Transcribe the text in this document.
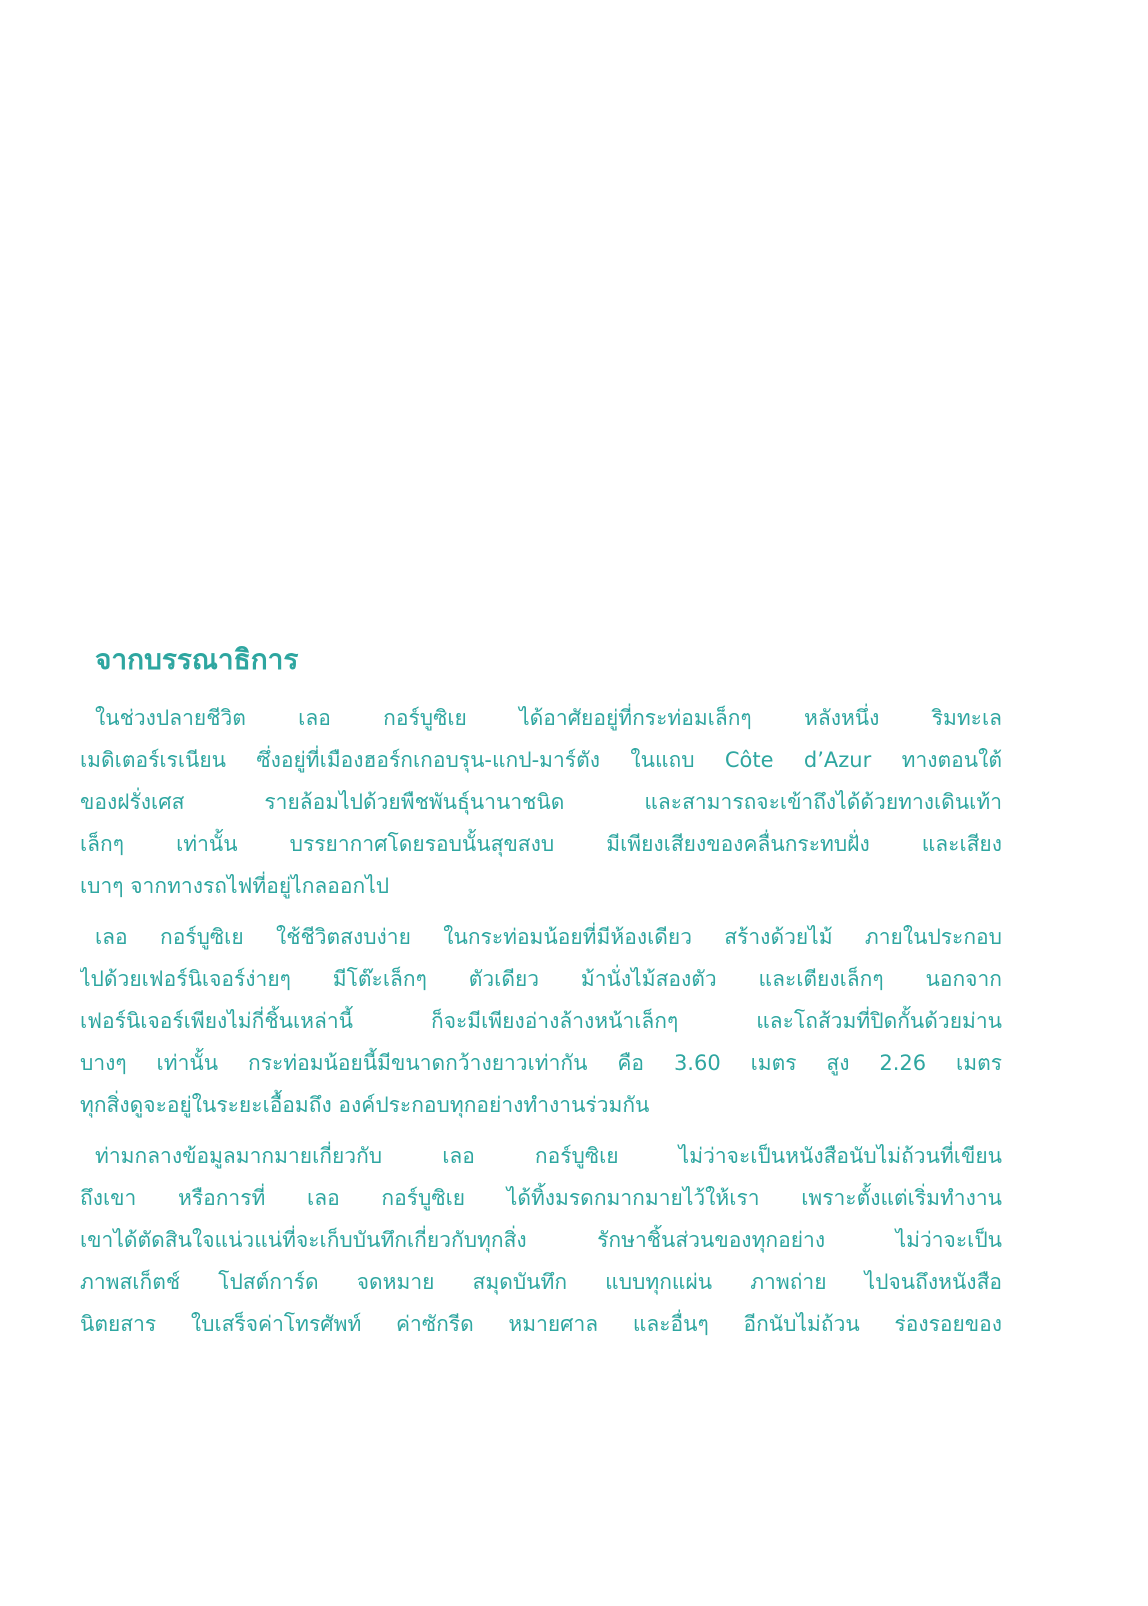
จากบรรณาธิการ

ในช่วงปลายชีวิต เลอ กอร์บูซิเย ได้อาศัยอยู่ที่กระท่อมเล็กๆ หลังหนึ่ง ริมทะเล
เมดิเตอร์เรเนียน ซึ่งอยู่ที่เมืองฮอร์กเกอบรุน-แกป-มาร์ตัง ในแถบ Côte d’Azur ทางตอนใต้
ของฝรั่งเศส รายล้อมไปด้วยพืชพันธุ์นานาชนิด และสามารถจะเข้าถึงได้ด้วยทางเดินเท้า
เล็กๆ เท่านั้น บรรยากาศโดยรอบนั้นสุขสงบ มีเพียงเสียงของคลื่นกระทบฝั่ง และเสียง
เบาๆ จากทางรถไฟที่อยู่ไกลออกไป

เลอ กอร์บูซิเย ใช้ชีวิตสงบง่าย ในกระท่อมน้อยที่มีห้องเดียว สร้างด้วยไม้ ภายในประกอบ
ไปด้วยเฟอร์นิเจอร์ง่ายๆ มีโต๊ะเล็กๆ ตัวเดียว ม้านั่งไม้สองตัว และเตียงเล็กๆ นอกจาก
เฟอร์นิเจอร์เพียงไม่กี่ชิ้นเหล่านี้ ก็จะมีเพียงอ่างล้างหน้าเล็กๆ และโถส้วมที่ปิดกั้นด้วยม่าน
บางๆ เท่านั้น กระท่อมน้อยนี้มีขนาดกว้างยาวเท่ากัน คือ 3.60 เมตร สูง 2.26 เมตร
ทุกสิ่งดูจะอยู่ในระยะเอื้อมถึง องค์ประกอบทุกอย่างทำงานร่วมกัน

ท่ามกลางข้อมูลมากมายเกี่ยวกับ เลอ กอร์บูซิเย ไม่ว่าจะเป็นหนังสือนับไม่ถ้วนที่เขียน
ถึงเขา หรือการที่ เลอ กอร์บูซิเย ได้ทิ้งมรดกมากมายไว้ให้เรา เพราะตั้งแต่เริ่มทำงาน
เขาได้ตัดสินใจแน่วแน่ที่จะเก็บบันทึกเกี่ยวกับทุกสิ่ง รักษาชิ้นส่วนของทุกอย่าง ไม่ว่าจะเป็น
ภาพสเก็ตช์ โปสต์การ์ด จดหมาย สมุดบันทึก แบบทุกแผ่น ภาพถ่าย ไปจนถึงหนังสือ
นิตยสาร ใบเสร็จค่าโทรศัพท์ ค่าซักรีด หมายศาล และอื่นๆ อีกนับไม่ถ้วน ร่องรอยของ
